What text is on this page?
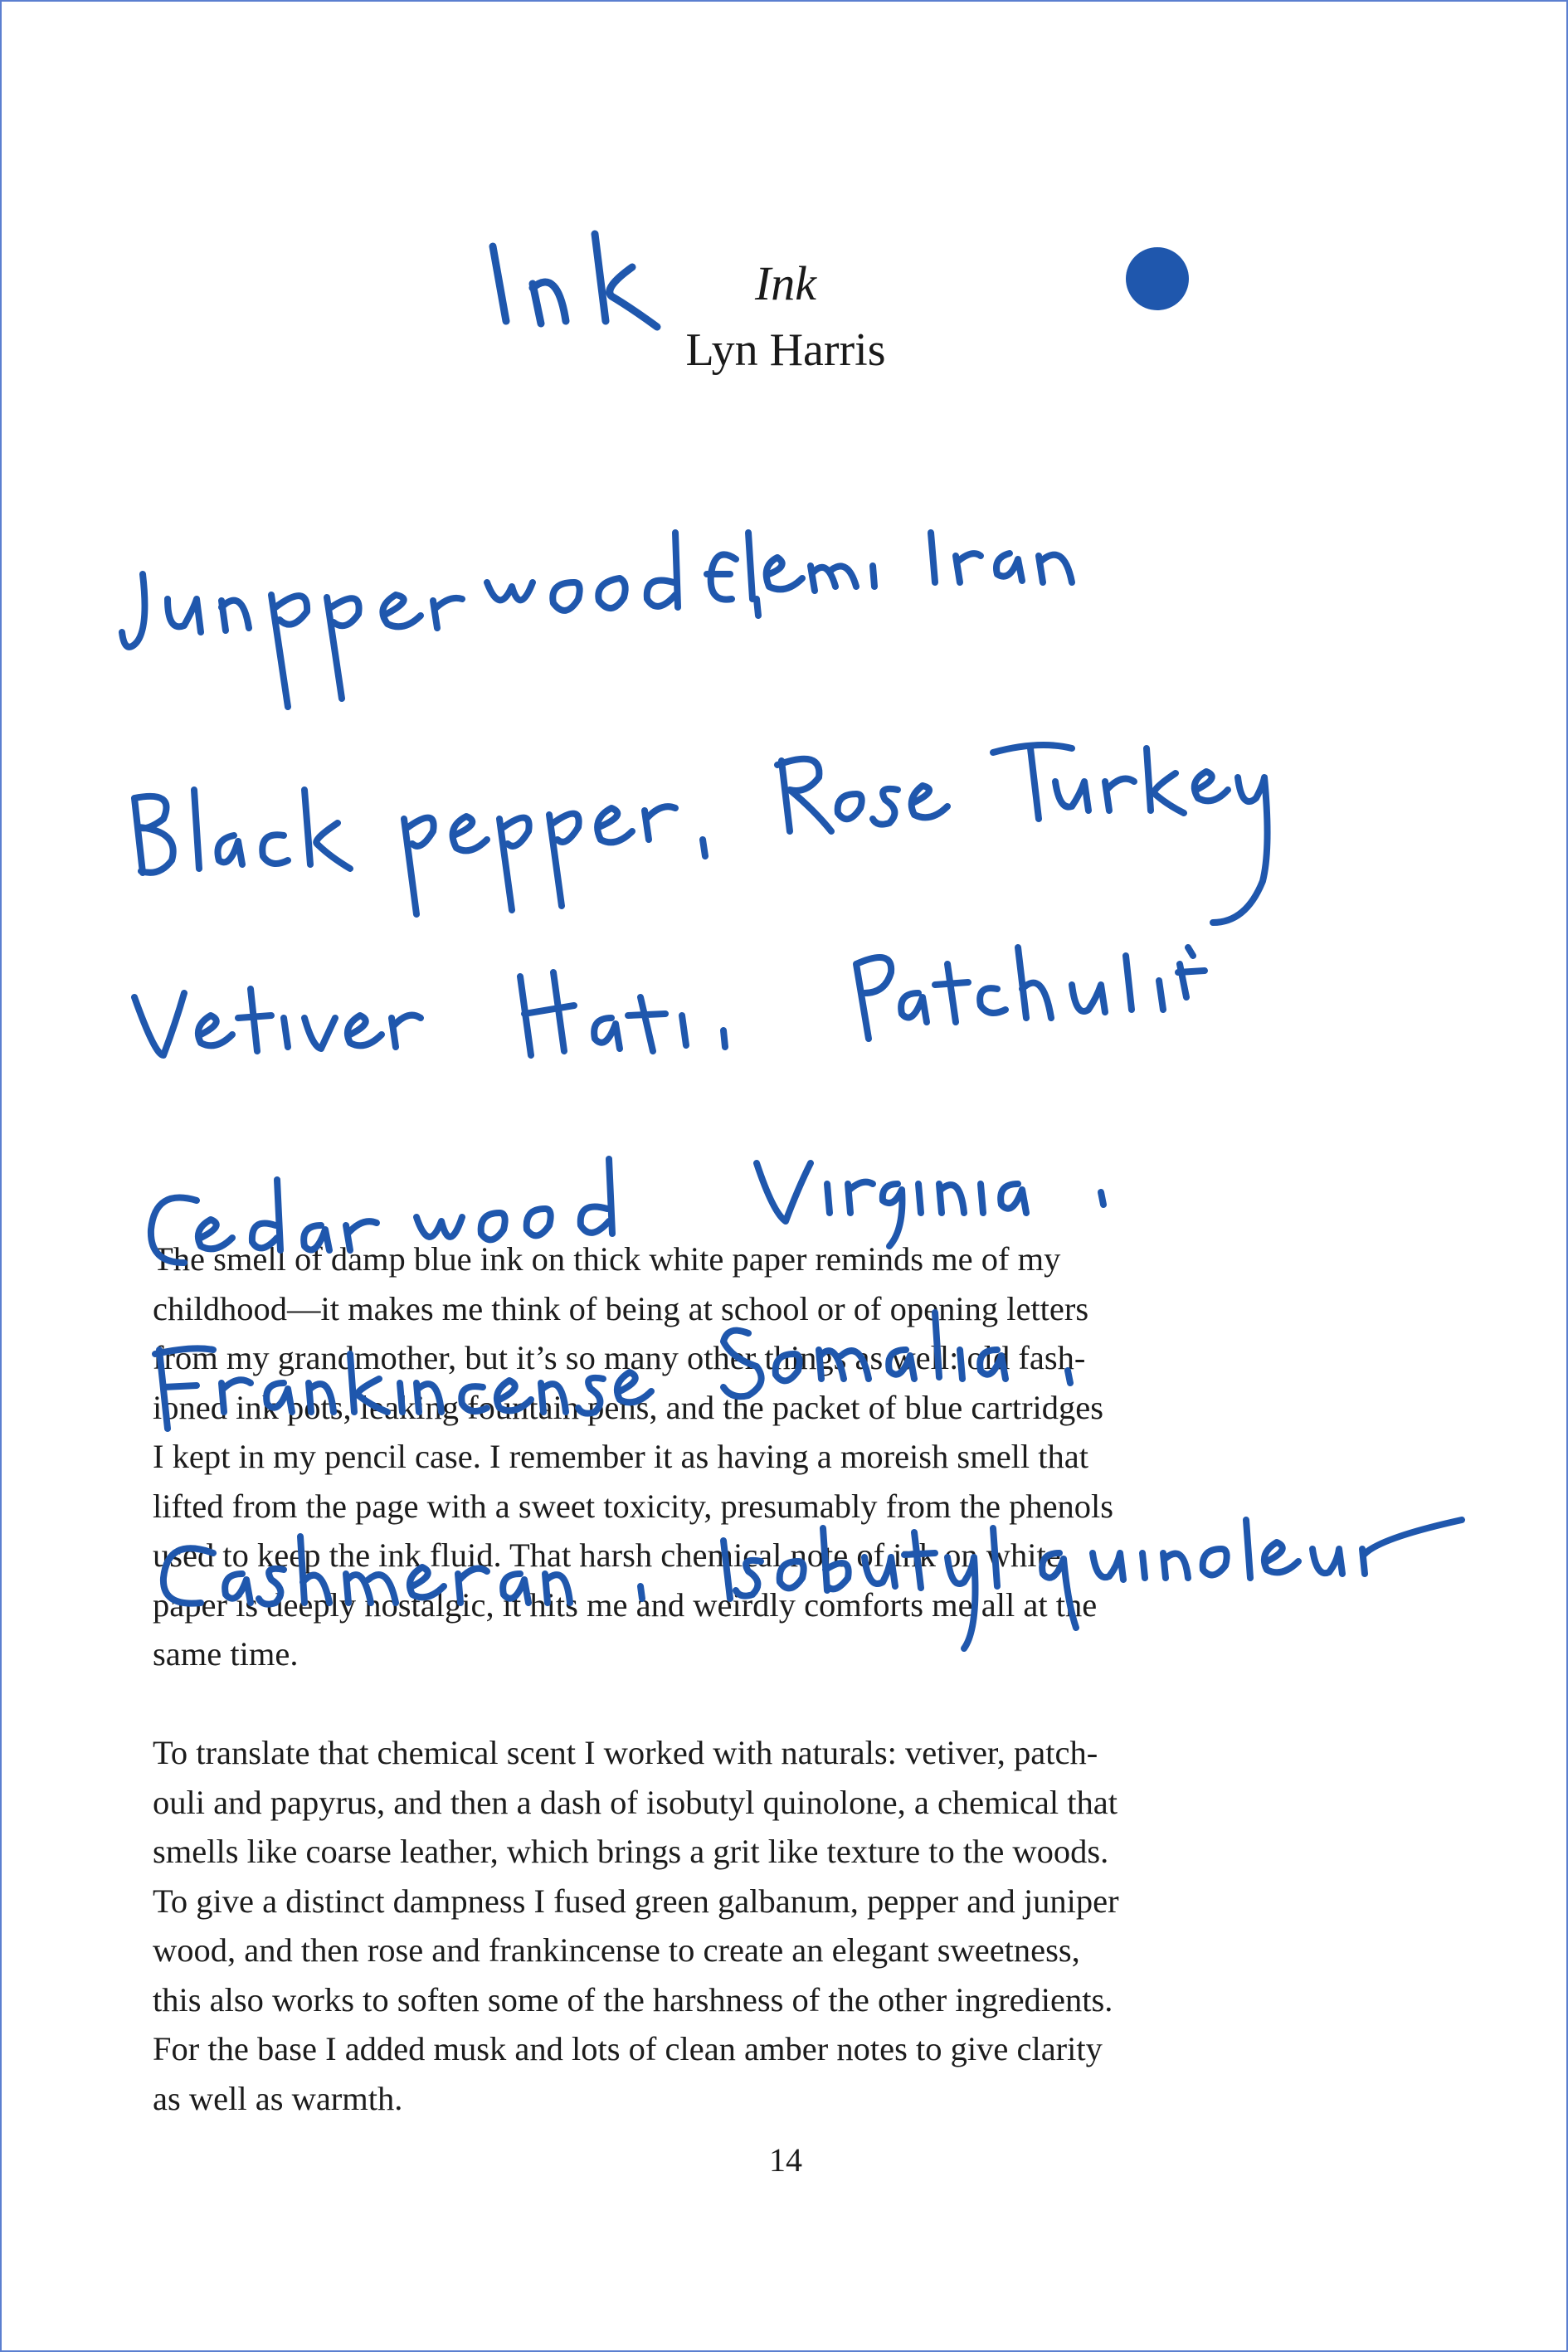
Ink
Lyn Harris
The smell of damp blue ink on thick white paper reminds me of my
childhood—it makes me think of being at school or of opening letters
from my grandmother, but it’s so many other things as well: old fash-
ioned ink pots, leaking fountain pens, and the packet of blue cartridges
I kept in my pencil case. I remember it as having a moreish smell that
lifted from the page with a sweet toxicity, presumably from the phenols
used to keep the ink fluid. That harsh chemical note of ink on white
paper is deeply nostalgic, it hits me and weirdly comforts me all at the
same time.
To translate that chemical scent I worked with naturals: vetiver, patch-
ouli and papyrus, and then a dash of isobutyl quinolone, a chemical that
smells like coarse leather, which brings a grit like texture to the woods.
To give a distinct dampness I fused green galbanum, pepper and juniper
wood, and then rose and frankincense to create an elegant sweetness,
this also works to soften some of the harshness of the other ingredients.
For the base I added musk and lots of clean amber notes to give clarity
as well as warmth.
14
